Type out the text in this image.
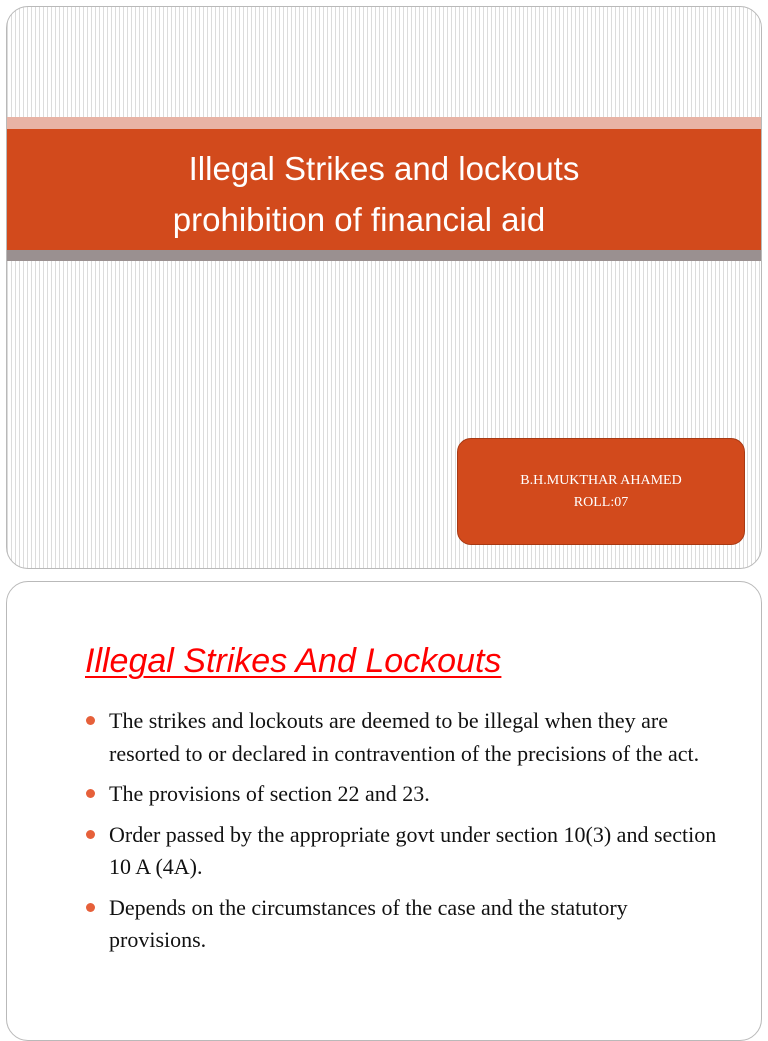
Illegal Strikes and lockouts
prohibition of financial aid
B.H.MUKTHAR AHAMED
ROLL:07
Illegal Strikes And Lockouts
The strikes and lockouts are deemed to be illegal when they are resorted to or declared in contravention of the precisions of the act.
The provisions of section 22 and 23.
Order passed by the appropriate govt under section 10(3) and section 10 A (4A).
Depends on the circumstances of the case and the statutory provisions.
